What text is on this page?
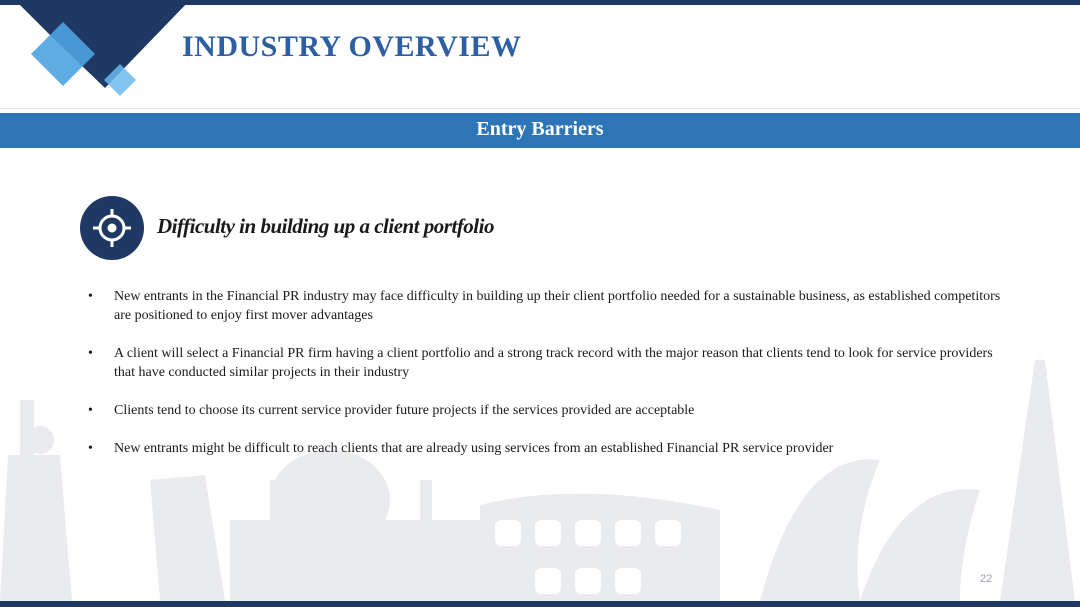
INDUSTRY OVERVIEW
Entry Barriers
Difficulty in building up a client portfolio
• New entrants in the Financial PR industry may face difficulty in building up their client portfolio needed for a sustainable business, as established competitors are positioned to enjoy first mover advantages
• A client will select a Financial PR firm having a client portfolio and a strong track record with the major reason that clients tend to look for service providers that have conducted similar projects in their industry
• Clients tend to choose its current service provider future projects if the services provided are acceptable
• New entrants might be difficult to reach clients that are already using services from an established Financial PR service provider
22
